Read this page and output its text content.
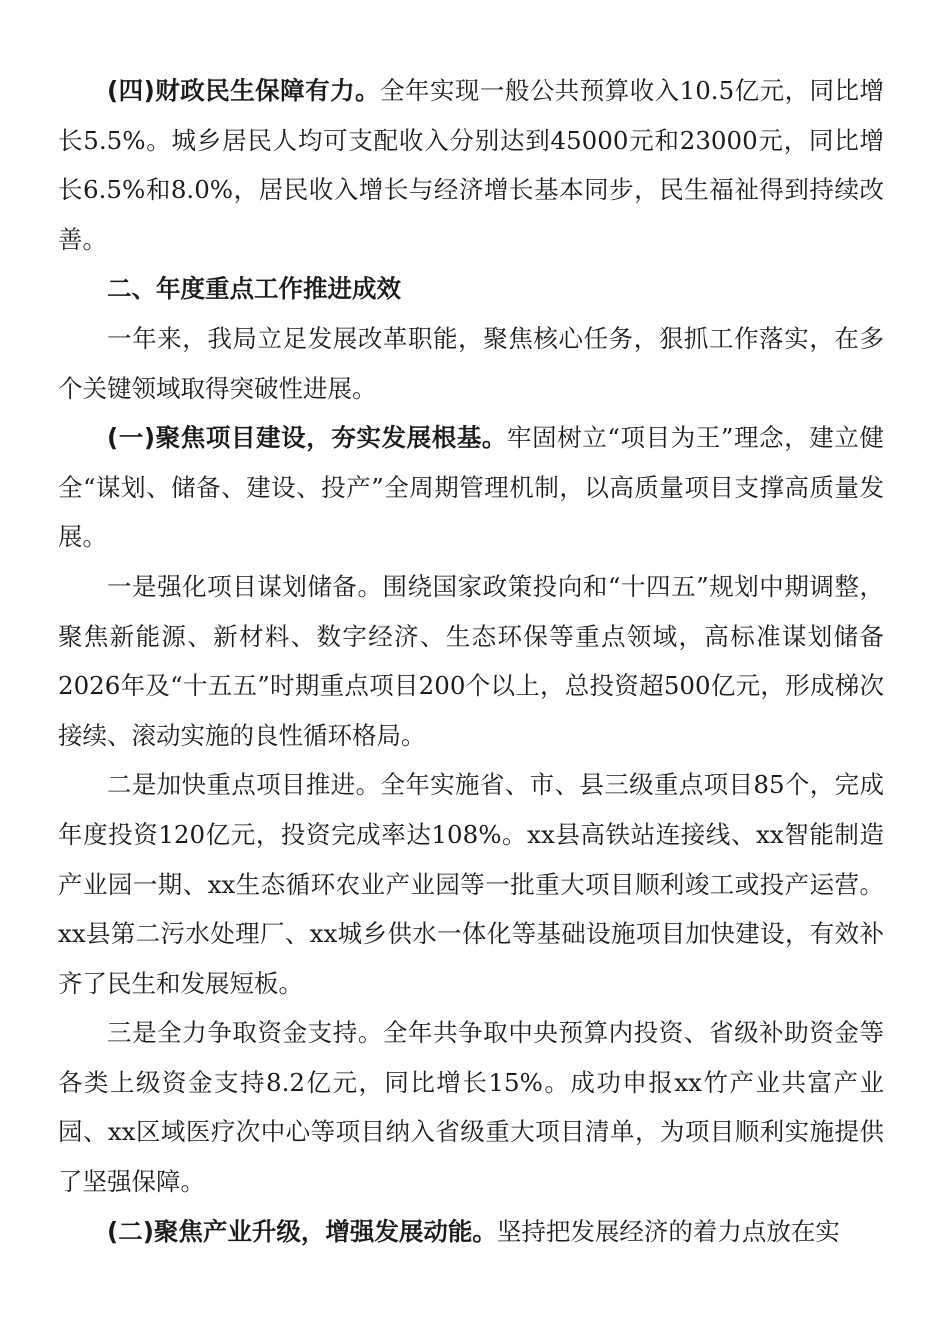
(四)财政民生保障有力。全年实现一般公共预算收入10.5亿元，同比增长5.5%。城乡居民人均可支配收入分别达到45000元和23000元，同比增长6.5%和8.0%，居民收入增长与经济增长基本同步，民生福祉得到持续改善。

二、年度重点工作推进成效

一年来，我局立足发展改革职能，聚焦核心任务，狠抓工作落实，在多个关键领域取得突破性进展。

(一)聚焦项目建设，夯实发展根基。牢固树立“项目为王”理念，建立健全“谋划、储备、建设、投产”全周期管理机制，以高质量项目支撑高质量发展。

一是强化项目谋划储备。围绕国家政策投向和“十四五”规划中期调整，聚焦新能源、新材料、数字经济、生态环保等重点领域，高标准谋划储备2026年及“十五五”时期重点项目200个以上，总投资超500亿元，形成梯次接续、滚动实施的良性循环格局。

二是加快重点项目推进。全年实施省、市、县三级重点项目85个，完成年度投资120亿元，投资完成率达108%。xx县高铁站连接线、xx智能制造产业园一期、xx生态循环农业产业园等一批重大项目顺利竣工或投产运营。xx县第二污水处理厂、xx城乡供水一体化等基础设施项目加快建设，有效补齐了民生和发展短板。

三是全力争取资金支持。全年共争取中央预算内投资、省级补助资金等各类上级资金支持8.2亿元，同比增长15%。成功申报xx竹产业共富产业园、xx区域医疗次中心等项目纳入省级重大项目清单，为项目顺利实施提供了坚强保障。

(二)聚焦产业升级，增强发展动能。坚持把发展经济的着力点放在实
